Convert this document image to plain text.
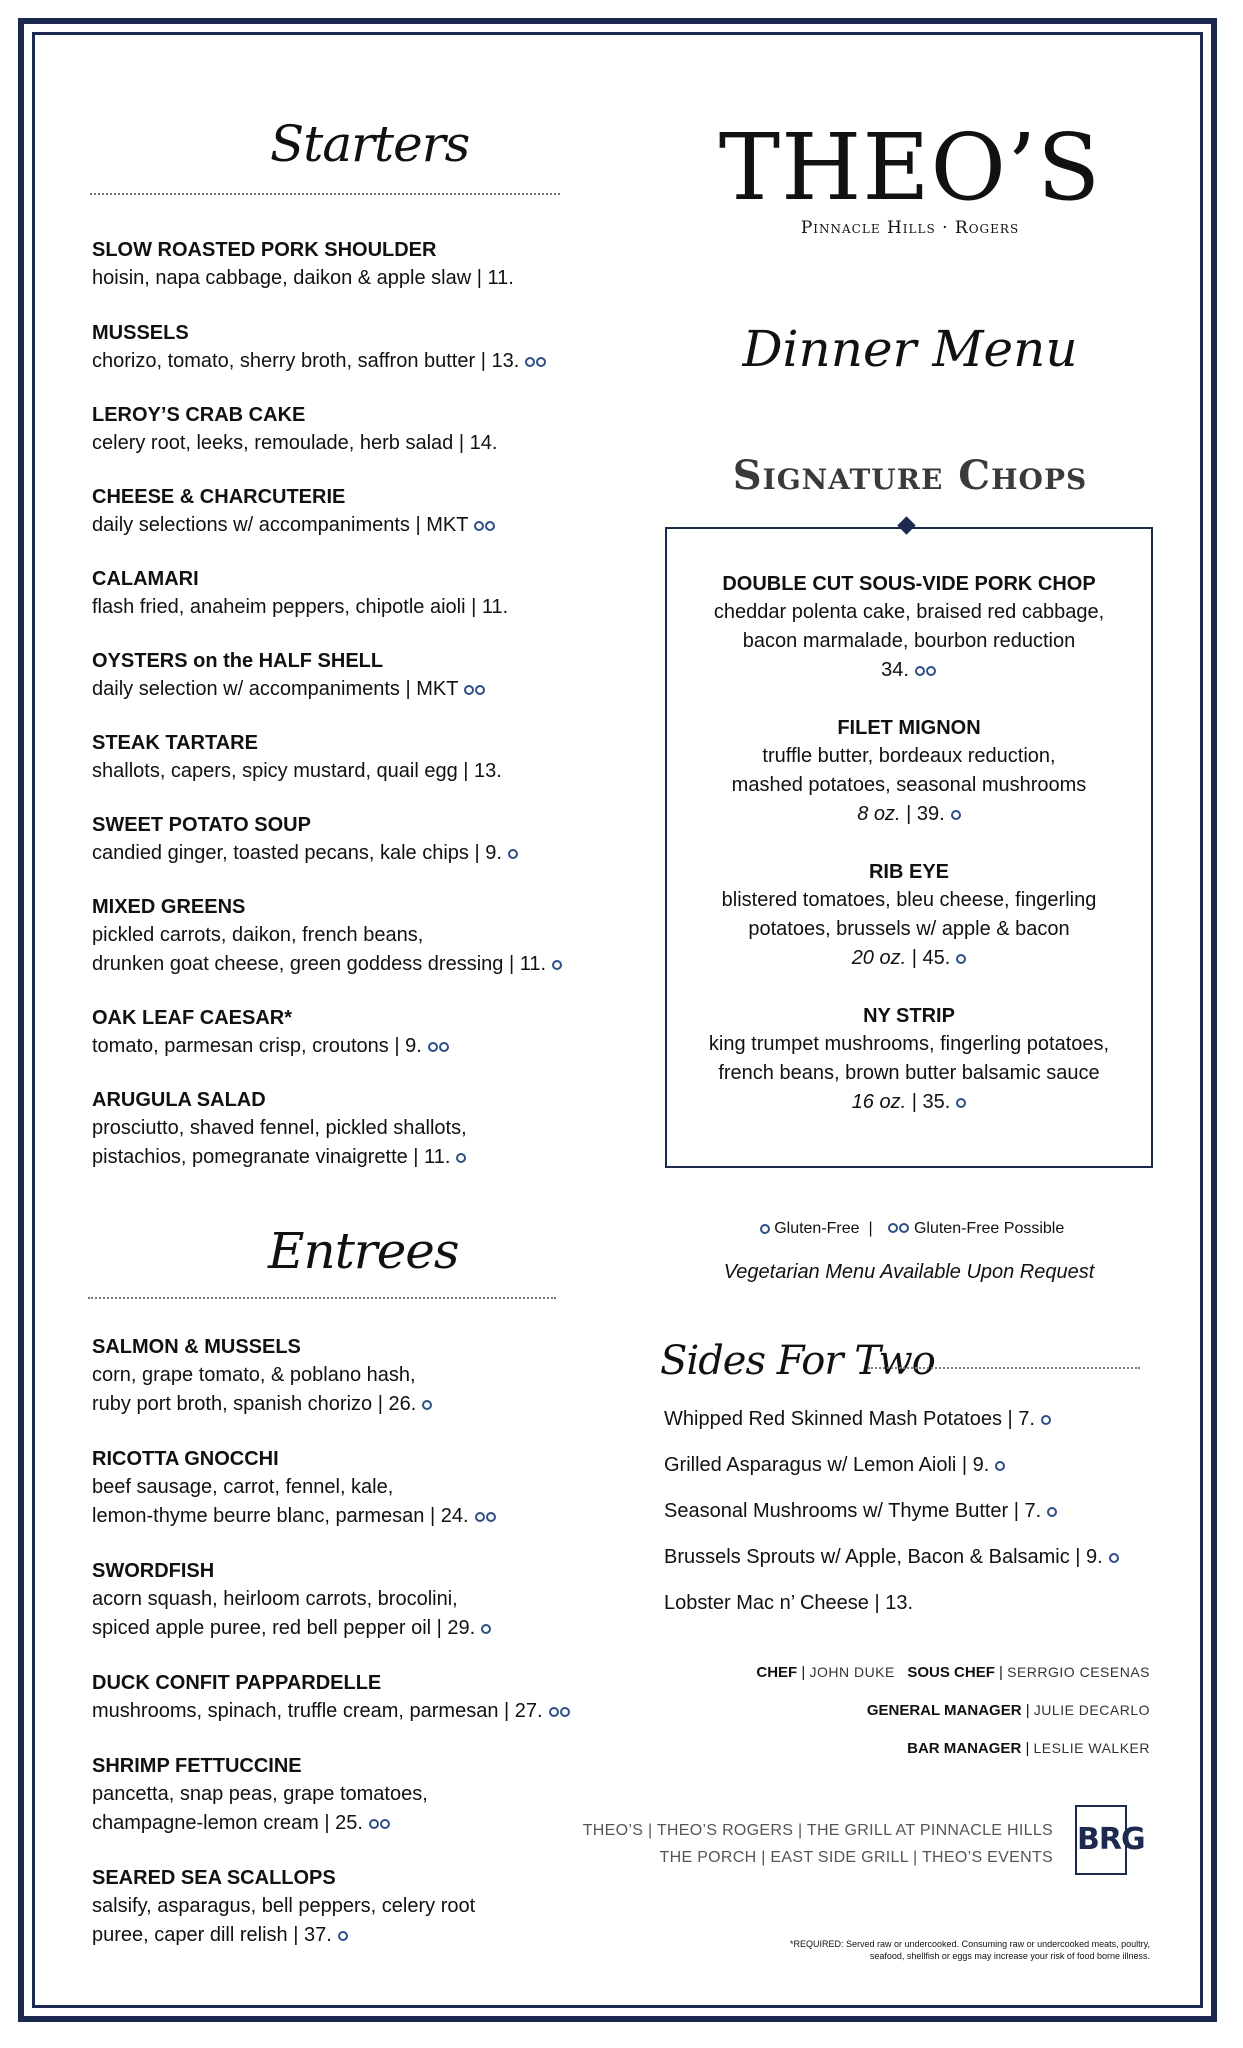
Starters
SLOW ROASTED PORK SHOULDER
hoisin, napa cabbage, daikon & apple slaw | 11.
MUSSELS
chorizo, tomato, sherry broth, saffron butter | 13.
LEROY’S CRAB CAKE
celery root, leeks, remoulade, herb salad | 14.
CHEESE & CHARCUTERIE
daily selections w/ accompaniments | MKT
CALAMARI
flash fried, anaheim peppers, chipotle aioli | 11.
OYSTERS on the HALF SHELL
daily selection w/ accompaniments | MKT
STEAK TARTARE
shallots, capers, spicy mustard, quail egg | 13.
SWEET POTATO SOUP
candied ginger, toasted pecans, kale chips | 9.
MIXED GREENS
pickled carrots, daikon, french beans,
drunken goat cheese, green goddess dressing | 11.
OAK LEAF CAESAR*
tomato, parmesan crisp, croutons | 9.
ARUGULA SALAD
prosciutto, shaved fennel, pickled shallots,
pistachios, pomegranate vinaigrette | 11.
Entrees
SALMON & MUSSELS
corn, grape tomato, & poblano hash,
ruby port broth, spanish chorizo | 26.
RICOTTA GNOCCHI
beef sausage, carrot, fennel, kale,
lemon-thyme beurre blanc, parmesan | 24.
SWORDFISH
acorn squash, heirloom carrots, brocolini,
spiced apple puree, red bell pepper oil | 29.
DUCK CONFIT PAPPARDELLE
mushrooms, spinach, truffle cream, parmesan | 27.
SHRIMP FETTUCCINE
pancetta, snap peas, grape tomatoes,
champagne-lemon cream | 25.
SEARED SEA SCALLOPS
salsify, asparagus, bell peppers, celery root
puree, caper dill relish | 37.
THEO’S
Pinnacle Hills · Rogers
Dinner Menu
Signature Chops
DOUBLE CUT SOUS-VIDE PORK CHOP
cheddar polenta cake, braised red cabbage,
bacon marmalade, bourbon reduction
34.
FILET MIGNON
truffle butter, bordeaux reduction,
mashed potatoes, seasonal mushrooms
8 oz. | 39.
RIB EYE
blistered tomatoes, bleu cheese, fingerling
potatoes, brussels w/ apple & bacon
20 oz. | 45.
NY STRIP
king trumpet mushrooms, fingerling potatoes,
french beans, brown butter balsamic sauce
16 oz. | 35.
Gluten-Free |	Gluten-Free Possible
Vegetarian Menu Available Upon Request
Sides For Two
Whipped Red Skinned Mash Potatoes | 7.
Grilled Asparagus w/ Lemon Aioli | 9.
Seasonal Mushrooms w/ Thyme Butter | 7.
Brussels Sprouts w/ Apple, Bacon & Balsamic | 9.
Lobster Mac n’ Cheese | 13.
CHEF | JOHN DUKE SOUS CHEF | SERRGIO CESENAS
GENERAL MANAGER | JULIE DECARLO
BAR MANAGER | LESLIE WALKER
THEO’S | THEO’S ROGERS | THE GRILL AT PINNACLE HILLS
THE PORCH | EAST SIDE GRILL | THEO’S EVENTS
BRG
*REQUIRED: Served raw or undercooked. Consuming raw or undercooked meats, poultry,
seafood, shellfish or eggs may increase your risk of food borne illness.
